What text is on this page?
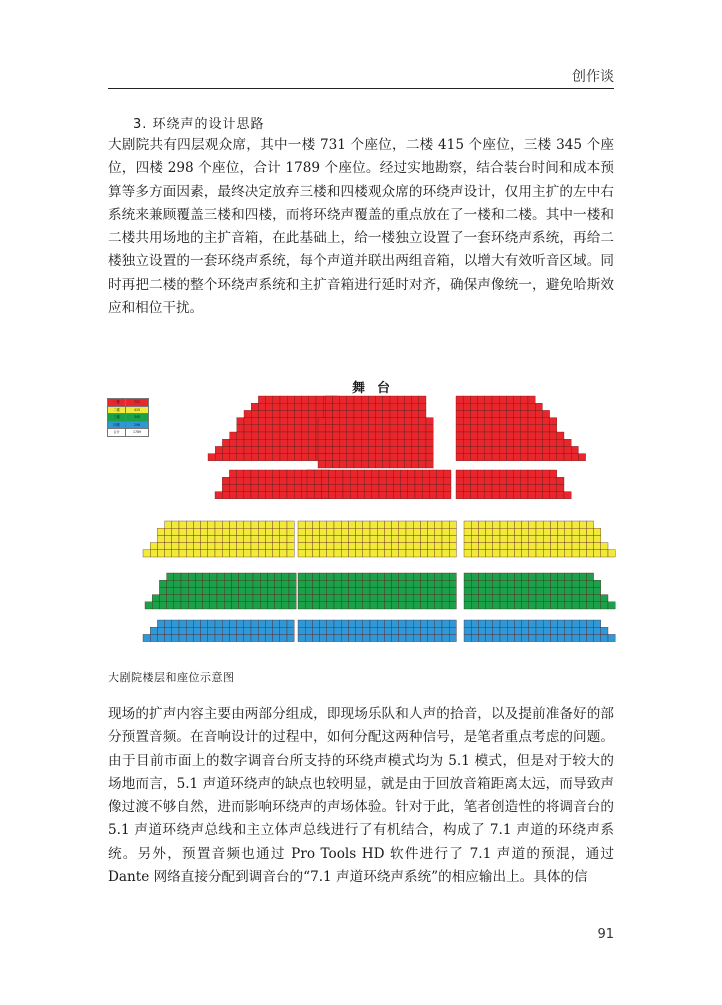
创作谈
3. 环绕声的设计思路

大剧院共有四层观众席，其中一楼 731 个座位，二楼 415 个座位，三楼 345 个座位，四楼 298 个座位，合计 1789 个座位。经过实地勘察，结合装台时间和成本预算等多方面因素，最终决定放弃三楼和四楼观众席的环绕声设计，仅用主扩的左中右系统来兼顾覆盖三楼和四楼，而将环绕声覆盖的重点放在了一楼和二楼。其中一楼和二楼共用场地的主扩音箱，在此基础上，给一楼独立设置了一套环绕声系统，再给二楼独立设置的一套环绕声系统，每个声道并联出两组音箱，以增大有效听音区域。同时再把二楼的整个环绕声系统和主扩音箱进行延时对齐，确保声像统一，避免哈斯效应和相位干扰。

舞台
一楼	731
二楼	415
三楼	345
四楼	298
合计	1789
大剧院楼层和座位示意图

现场的扩声内容主要由两部分组成，即现场乐队和人声的拾音，以及提前准备好的部分预置音频。在音响设计的过程中，如何分配这两种信号，是笔者重点考虑的问题。由于目前市面上的数字调音台所支持的环绕声模式均为 5.1 模式，但是对于较大的场地而言，5.1 声道环绕声的缺点也较明显，就是由于回放音箱距离太远，而导致声像过渡不够自然，进而影响环绕声的声场体验。针对于此，笔者创造性的将调音台的 5.1 声道环绕声总线和主立体声总线进行了有机结合，构成了 7.1 声道的环绕声系统。另外，预置音频也通过 Pro Tools HD 软件进行了 7.1 声道的预混，通过 Dante 网络直接分配到调音台的“7.1 声道环绕声系统”的相应输出上。具体的信

91
